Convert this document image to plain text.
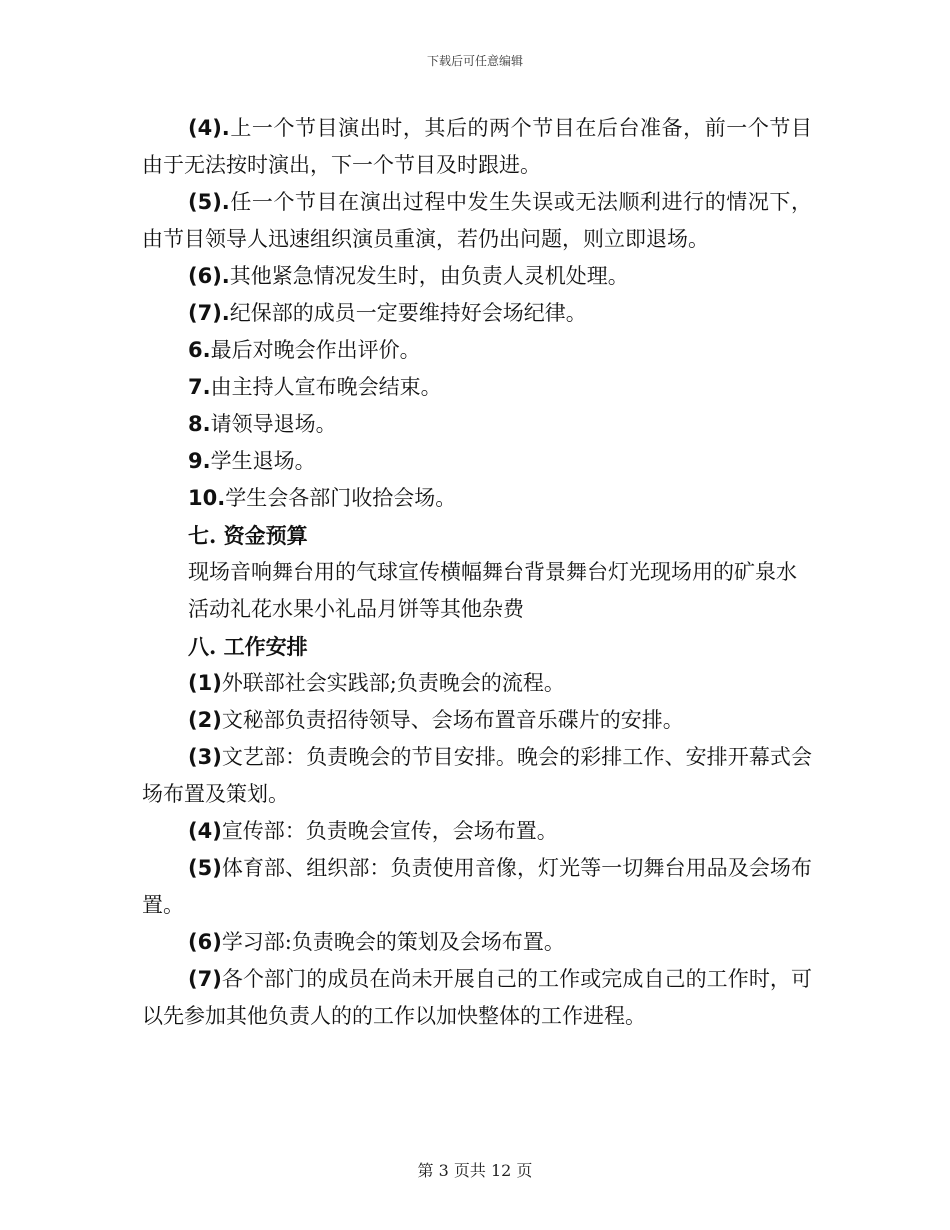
下载后可任意编辑

(4).上一个节目演出时，其后的两个节目在后台准备，前一个节目由于无法按时演出，下一个节目及时跟进。

(5).任一个节目在演出过程中发生失误或无法顺利进行的情况下，由节目领导人迅速组织演员重演，若仍出问题，则立即退场。

(6).其他紧急情况发生时，由负责人灵机处理。

(7).纪保部的成员一定要维持好会场纪律。

6.最后对晚会作出评价。

7.由主持人宣布晚会结束。

8.请领导退场。

9.学生退场。

10.学生会各部门收拾会场。

七. 资金预算

现场音响舞台用的气球宣传横幅舞台背景舞台灯光现场用的矿泉水

活动礼花水果小礼品月饼等其他杂费

八. 工作安排

(1)外联部社会实践部;负责晚会的流程。

(2)文秘部负责招待领导、会场布置音乐碟片的安排。

(3)文艺部：负责晚会的节目安排。晚会的彩排工作、安排开幕式会场布置及策划。

(4)宣传部：负责晚会宣传，会场布置。

(5)体育部、组织部：负责使用音像，灯光等一切舞台用品及会场布置。

(6)学习部:负责晚会的策划及会场布置。

(7)各个部门的成员在尚未开展自己的工作或完成自己的工作时，可以先参加其他负责人的的工作以加快整体的工作进程。

第 3 页共 12 页
